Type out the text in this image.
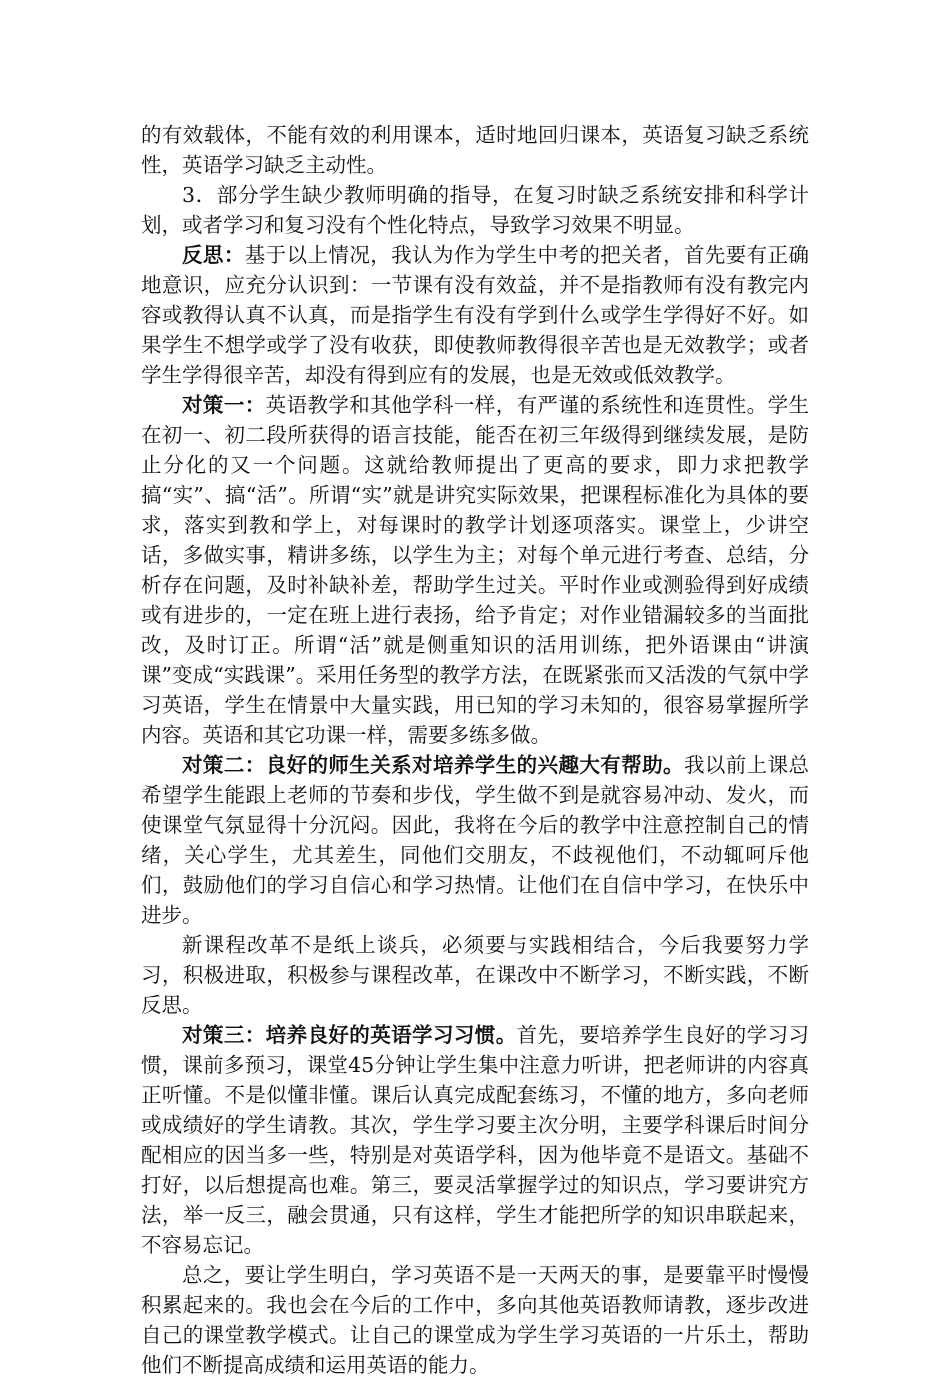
的有效载体，不能有效的利用课本，适时地回归课本，英语复习缺乏系统性，英语学习缺乏主动性。

3．部分学生缺少教师明确的指导，在复习时缺乏系统安排和科学计划，或者学习和复习没有个性化特点，导致学习效果不明显。

反思：基于以上情况，我认为作为学生中考的把关者，首先要有正确地意识，应充分认识到：一节课有没有效益，并不是指教师有没有教完内容或教得认真不认真，而是指学生有没有学到什么或学生学得好不好。如果学生不想学或学了没有收获，即使教师教得很辛苦也是无效教学；或者学生学得很辛苦，却没有得到应有的发展，也是无效或低效教学。

对策一：英语教学和其他学科一样，有严谨的系统性和连贯性。学生在初一、初二段所获得的语言技能，能否在初三年级得到继续发展，是防止分化的又一个问题。这就给教师提出了更高的要求，即力求把教学搞“实”、搞“活”。所谓“实”就是讲究实际效果，把课程标准化为具体的要求，落实到教和学上，对每课时的教学计划逐项落实。课堂上，少讲空话，多做实事，精讲多练，以学生为主；对每个单元进行考查、总结，分析存在问题，及时补缺补差，帮助学生过关。平时作业或测验得到好成绩或有进步的，一定在班上进行表扬，给予肯定；对作业错漏较多的当面批改，及时订正。所谓“活”就是侧重知识的活用训练，把外语课由“讲演课”变成“实践课”。采用任务型的教学方法，在既紧张而又活泼的气氛中学习英语，学生在情景中大量实践，用已知的学习未知的，很容易掌握所学内容。英语和其它功课一样，需要多练多做。

对策二：良好的师生关系对培养学生的兴趣大有帮助。我以前上课总希望学生能跟上老师的节奏和步伐，学生做不到是就容易冲动、发火，而使课堂气氛显得十分沉闷。因此，我将在今后的教学中注意控制自己的情绪，关心学生，尤其差生，同他们交朋友，不歧视他们，不动辄呵斥他们，鼓励他们的学习自信心和学习热情。让他们在自信中学习，在快乐中进步。

新课程改革不是纸上谈兵，必须要与实践相结合，今后我要努力学习，积极进取，积极参与课程改革，在课改中不断学习，不断实践，不断反思。

对策三：培养良好的英语学习习惯。首先，要培养学生良好的学习习惯，课前多预习，课堂45分钟让学生集中注意力听讲，把老师讲的内容真正听懂。不是似懂非懂。课后认真完成配套练习，不懂的地方，多向老师或成绩好的学生请教。其次，学生学习要主次分明，主要学科课后时间分配相应的因当多一些，特别是对英语学科，因为他毕竟不是语文。基础不打好，以后想提高也难。第三，要灵活掌握学过的知识点，学习要讲究方法，举一反三，融会贯通，只有这样，学生才能把所学的知识串联起来，不容易忘记。

总之，要让学生明白，学习英语不是一天两天的事，是要靠平时慢慢积累起来的。我也会在今后的工作中，多向其他英语教师请教，逐步改进自己的课堂教学模式。让自己的课堂成为学生学习英语的一片乐土，帮助他们不断提高成绩和运用英语的能力。
